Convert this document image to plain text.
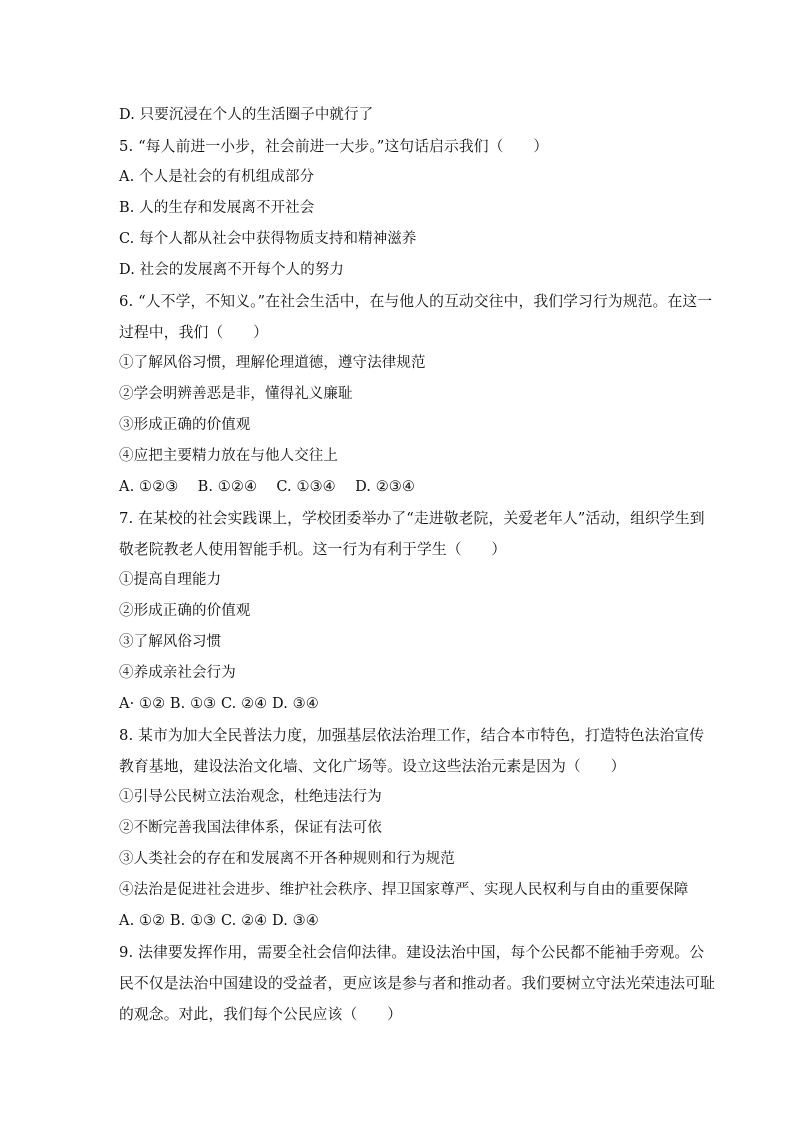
D. 只要沉浸在个人的生活圈子中就行了
5. “每人前进一小步，社会前进一大步。”这句话启示我们（　　）
A. 个人是社会的有机组成部分
B. 人的生存和发展离不开社会
C. 每个人都从社会中获得物质支持和精神滋养
D. 社会的发展离不开每个人的努力
6. “人不学，不知义。”在社会生活中，在与他人的互动交往中，我们学习行为规范。在这一
过程中，我们（　　）
①了解风俗习惯，理解伦理道德，遵守法律规范
②学会明辨善恶是非，懂得礼义廉耻
③形成正确的价值观
④应把主要精力放在与他人交往上
A. ①②③　 B. ①②④　 C. ①③④　 D. ②③④
7. 在某校的社会实践课上，学校团委举办了“走进敬老院，关爱老年人”活动，组织学生到
敬老院教老人使用智能手机。这一行为有利于学生（　　）
①提高自理能力
②形成正确的价值观
③了解风俗习惯
④养成亲社会行为
A· ①② B. ①③ C. ②④ D. ③④
8. 某市为加大全民普法力度，加强基层依法治理工作，结合本市特色，打造特色法治宣传
教育基地，建设法治文化墙、文化广场等。设立这些法治元素是因为（　　）
①引导公民树立法治观念，杜绝违法行为
②不断完善我国法律体系，保证有法可依
③人类社会的存在和发展离不开各种规则和行为规范
④法治是促进社会进步、维护社会秩序、捍卫国家尊严、实现人民权利与自由的重要保障
A. ①② B. ①③ C. ②④ D. ③④
9. 法律要发挥作用，需要全社会信仰法律。建设法治中国，每个公民都不能袖手旁观。公
民不仅是法治中国建设的受益者，更应该是参与者和推动者。我们要树立守法光荣违法可耻
的观念。对此，我们每个公民应该（　　）
